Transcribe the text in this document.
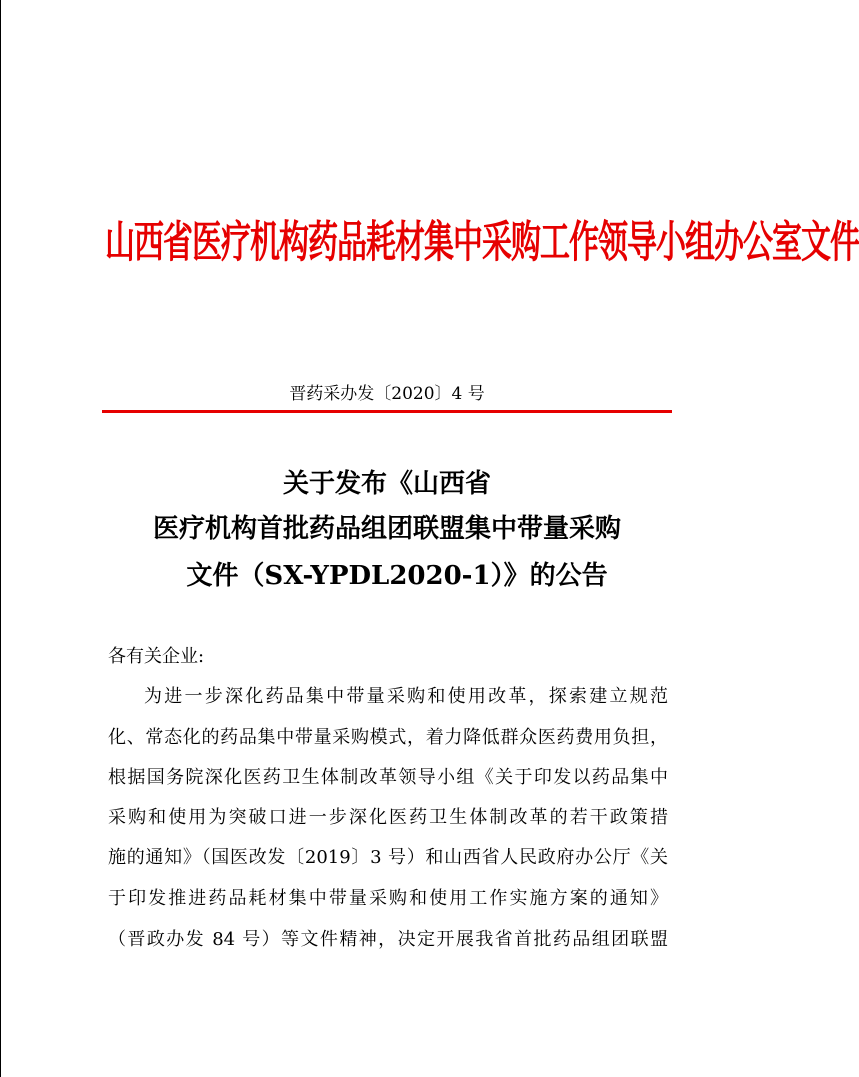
山西省医疗机构药品耗材集中采购工作领导小组办公室文件
晋药采办发〔2020〕4 号
关于发布《山西省
医疗机构首批药品组团联盟集中带量采购
文件（SX-YPDL2020-1）》的公告
各有关企业:
为进一步深化药品集中带量采购和使用改革，探索建立规范
化、常态化的药品集中带量采购模式，着力降低群众医药费用负担，
根据国务院深化医药卫生体制改革领导小组《关于印发以药品集中
采购和使用为突破口进一步深化医药卫生体制改革的若干政策措
施的通知》（国医改发〔2019〕3 号）和山西省人民政府办公厅《关
于印发推进药品耗材集中带量采购和使用工作实施方案的通知》
（晋政办发 84 号）等文件精神，决定开展我省首批药品组团联盟
